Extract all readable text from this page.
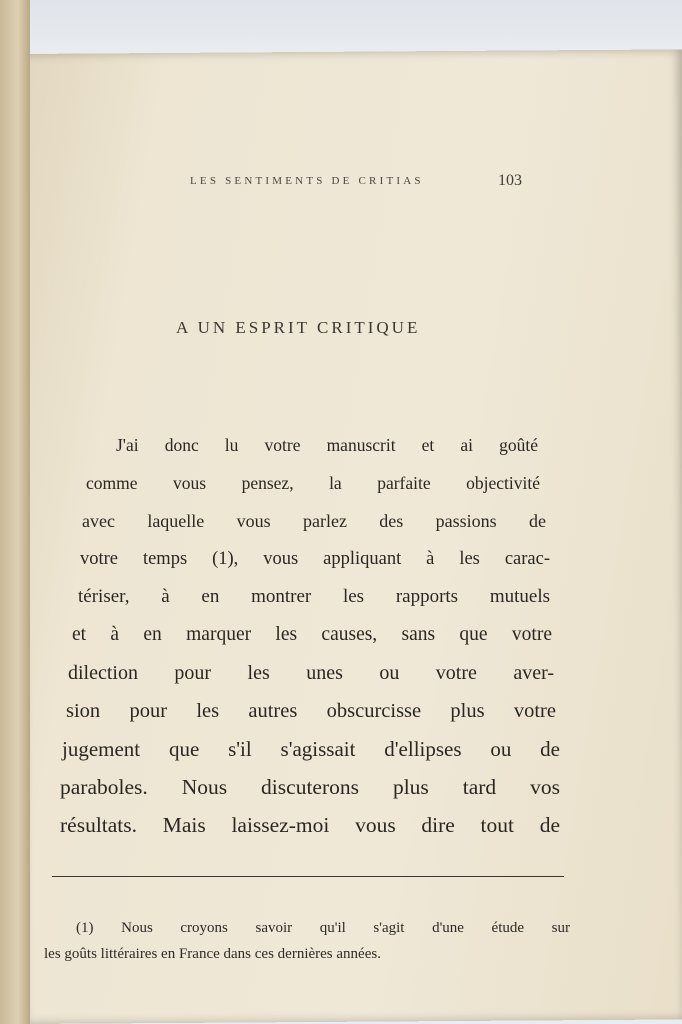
LES SENTIMENTS DE CRITIAS	103
A UN ESPRIT CRITIQUE
J'ai donc lu votre manuscrit et ai goûté
comme vous pensez, la parfaite objectivité
avec laquelle vous parlez des passions de
votre temps (1), vous appliquant à les carac-
tériser, à en montrer les rapports mutuels
et à en marquer les causes, sans que votre
dilection pour les unes ou votre aver-
sion pour les autres obscurcisse plus votre
jugement que s'il s'agissait d'ellipses ou de
paraboles. Nous discuterons plus tard vos
résultats. Mais laissez-moi vous dire tout de
(1) Nous croyons savoir qu'il s'agit d'une étude sur
les goûts littéraires en France dans ces dernières années.
